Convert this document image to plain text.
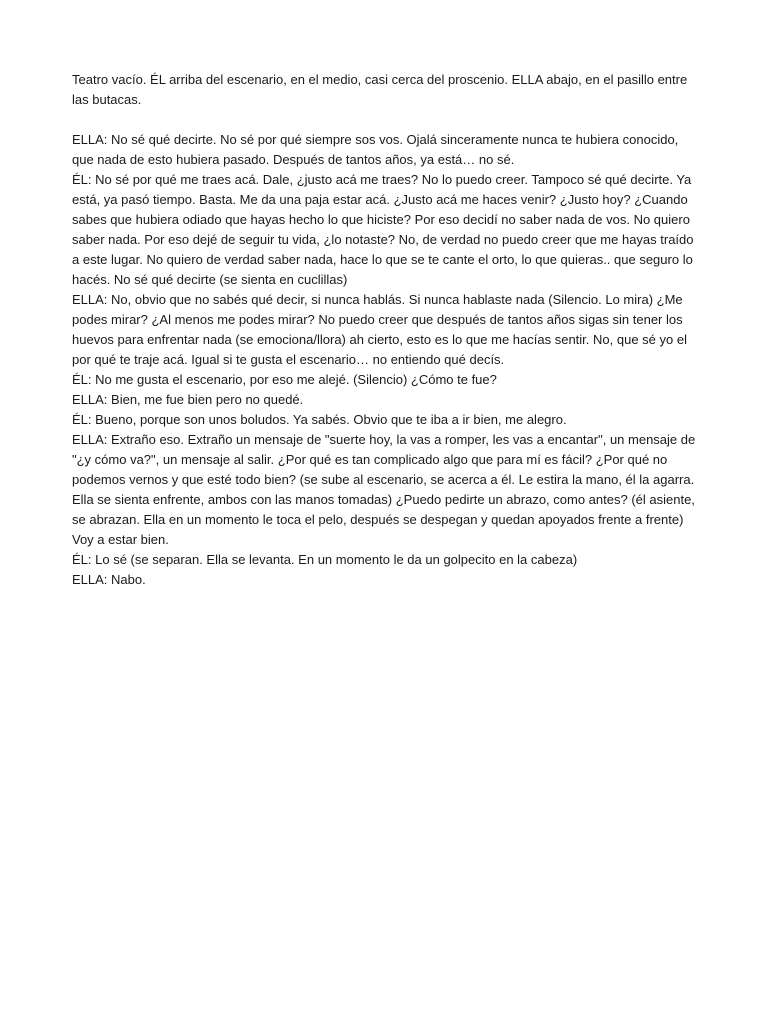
Teatro vacío. ÉL arriba del escenario, en el medio, casi cerca del proscenio. ELLA abajo, en el pasillo entre las butacas.

ELLA: No sé qué decirte. No sé por qué siempre sos vos. Ojalá sinceramente nunca te hubiera conocido, que nada de esto hubiera pasado. Después de tantos años, ya está… no sé.

ÉL: No sé por qué me traes acá. Dale, ¿justo acá me traes? No lo puedo creer. Tampoco sé qué decirte. Ya está, ya pasó tiempo. Basta. Me da una paja estar acá. ¿Justo acá me haces venir? ¿Justo hoy? ¿Cuando sabes que hubiera odiado que hayas hecho lo que hiciste? Por eso decidí no saber nada de vos. No quiero saber nada. Por eso dejé de seguir tu vida, ¿lo notaste? No, de verdad no puedo creer que me hayas traído a este lugar. No quiero de verdad saber nada, hace lo que se te cante el orto, lo que quieras.. que seguro lo hacés. No sé qué decirte (se sienta en cuclillas)

ELLA: No, obvio que no sabés qué decir, si nunca hablás. Si nunca hablaste nada (Silencio. Lo mira) ¿Me podes mirar? ¿Al menos me podes mirar? No puedo creer que después de tantos años sigas sin tener los huevos para enfrentar nada (se emociona/llora) ah cierto, esto es lo que me hacías sentir. No, que sé yo el por qué te traje acá. Igual si te gusta el escenario… no entiendo qué decís.

ÉL: No me gusta el escenario, por eso me alejé. (Silencio) ¿Cómo te fue?

ELLA: Bien, me fue bien pero no quedé.

ÉL: Bueno, porque son unos boludos. Ya sabés. Obvio que te iba a ir bien, me alegro.

ELLA: Extraño eso. Extraño un mensaje de "suerte hoy, la vas a romper, les vas a encantar", un mensaje de "¿y cómo va?", un mensaje al salir. ¿Por qué es tan complicado algo que para mí es fácil? ¿Por qué no podemos vernos y que esté todo bien? (se sube al escenario, se acerca a él. Le estira la mano, él la agarra. Ella se sienta enfrente, ambos con las manos tomadas) ¿Puedo pedirte un abrazo, como antes? (él asiente, se abrazan. Ella en un momento le toca el pelo, después se despegan y quedan apoyados frente a frente) Voy a estar bien.

ÉL: Lo sé (se separan. Ella se levanta. En un momento le da un golpecito en la cabeza)

ELLA: Nabo.
